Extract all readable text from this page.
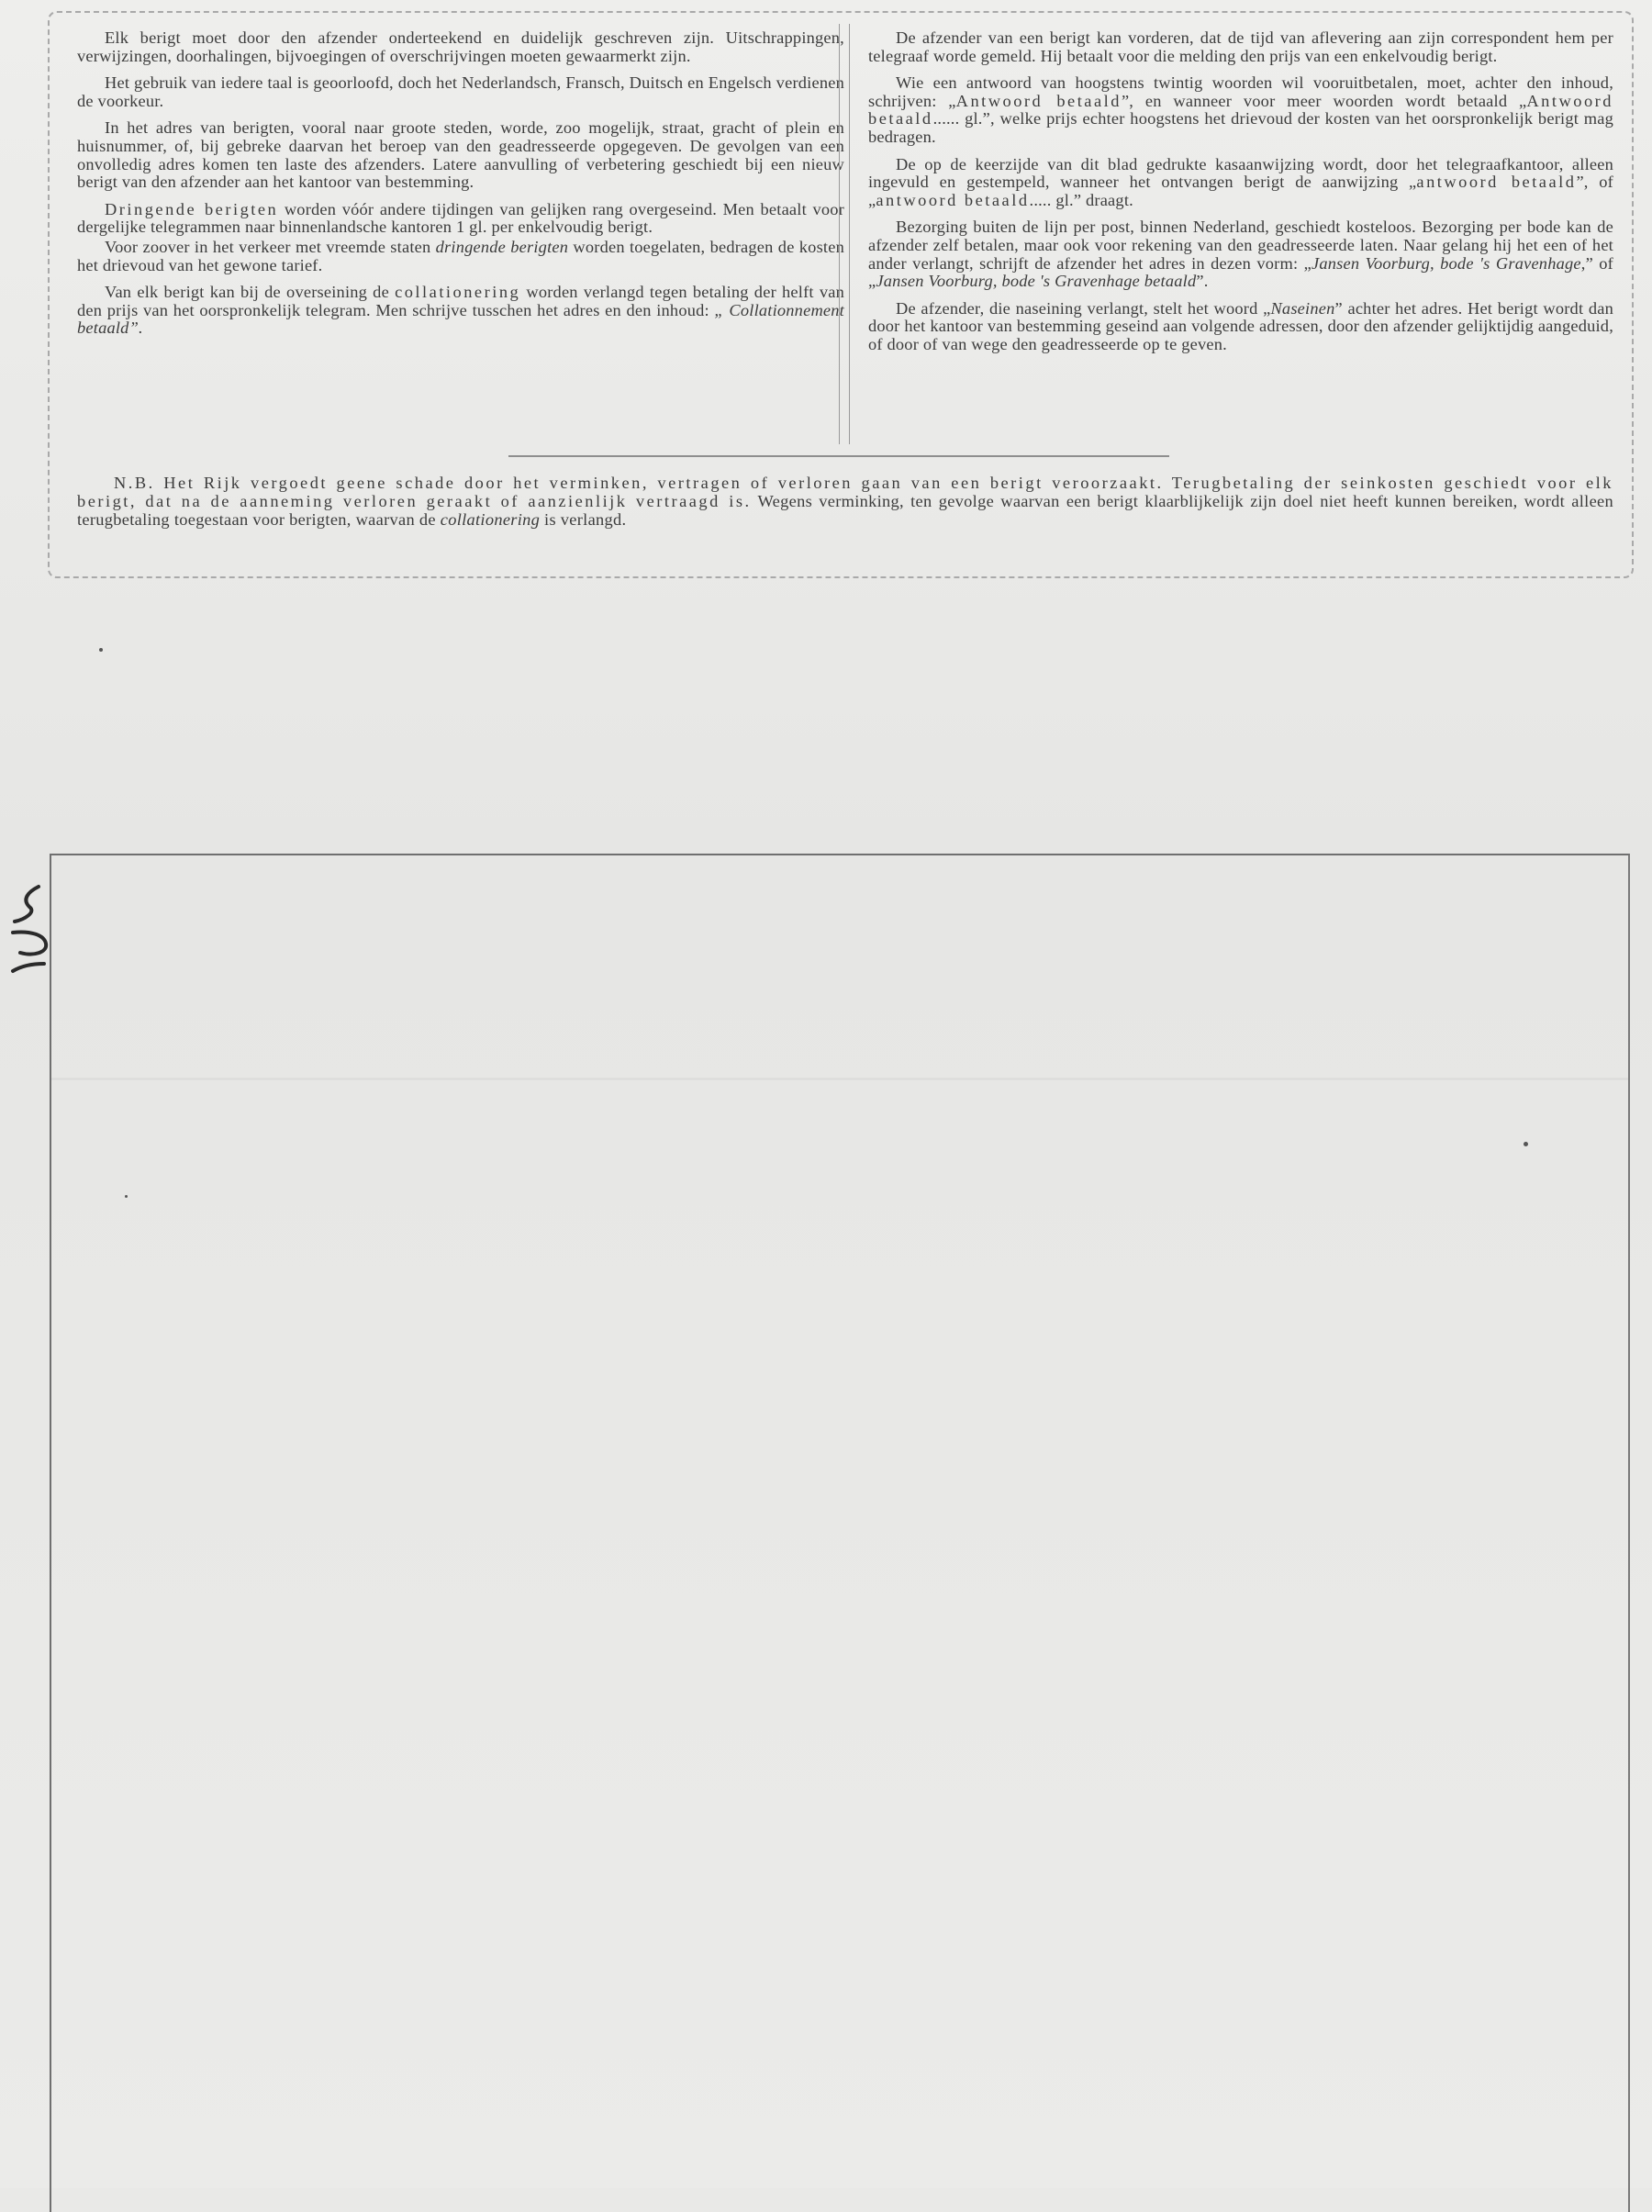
Elk berigt moet door den afzender onderteekend en duidelijk geschreven zijn. Uitschrappingen, verwijzingen, doorhalingen, bijvoegingen of overschrijvingen moeten gewaarmerkt zijn.

Het gebruik van iedere taal is geoorloofd, doch het Nederlandsch, Fransch, Duitsch en Engelsch verdienen de voorkeur.

In het adres van berigten, vooral naar groote steden, worde, zoo mogelijk, straat, gracht of plein en huisnummer, of, bij gebreke daarvan het beroep van den geadresseerde opgegeven. De gevolgen van een onvolledig adres komen ten laste des afzenders. Latere aanvulling of verbetering geschiedt bij een nieuw berigt van den afzender aan het kantoor van bestemming.

Dringende berigten worden vóór andere tijdingen van gelijken rang overgeseind. Men betaalt voor dergelijke telegrammen naar binnenlandsche kantoren 1 gl. per enkelvoudig berigt.

Voor zoover in het verkeer met vreemde staten dringende berigten worden toegelaten, bedragen de kosten het drievoud van het gewone tarief.

Van elk berigt kan bij de overseining de collationering worden verlangd tegen betaling der helft van den prijs van het oorspronkelijk telegram. Men schrijve tusschen het adres en den inhoud: „ Collationnement betaald”.

De afzender van een berigt kan vorderen, dat de tijd van aflevering aan zijn correspondent hem per telegraaf worde gemeld. Hij betaalt voor die melding den prijs van een enkelvoudig berigt.

Wie een antwoord van hoogstens twintig woorden wil vooruitbetalen, moet, achter den inhoud, schrijven: „Antwoord betaald”, en wanneer voor meer woorden wordt betaald „Antwoord betaald...... gl.”, welke prijs echter hoogstens het drievoud der kosten van het oorspronkelijk berigt mag bedragen.

De op de keerzijde van dit blad gedrukte kasaanwijzing wordt, door het telegraafkantoor, alleen ingevuld en gestempeld, wanneer het ontvangen berigt de aanwijzing „antwoord betaald”, of „antwoord betaald..... gl.” draagt.

Bezorging buiten de lijn per post, binnen Nederland, geschiedt kosteloos. Bezorging per bode kan de afzender zelf betalen, maar ook voor rekening van den geadresseerde laten. Naar gelang hij het een of het ander verlangt, schrijft de afzender het adres in dezen vorm: „Jansen Voorburg, bode 's Gravenhage,” of „Jansen Voorburg, bode 's Gravenhage betaald”.

De afzender, die naseining verlangt, stelt het woord „Naseinen” achter het adres. Het berigt wordt dan door het kantoor van bestemming geseind aan volgende adressen, door den afzender gelijktijdig aangeduid, of door of van wege den geadresseerde op te geven.

N.B. Het Rijk vergoedt geene schade door het verminken, vertragen of verloren gaan van een berigt veroorzaakt. Terugbetaling der seinkosten geschiedt voor elk berigt, dat na de aanneming verloren geraakt of aanzienlijk vertraagd is. Wegens verminking, ten gevolge waarvan een berigt klaarblijkelijk zijn doel niet heeft kunnen bereiken, wordt alleen terugbetaling toegestaan voor berigten, waarvan de collationering is verlangd.
